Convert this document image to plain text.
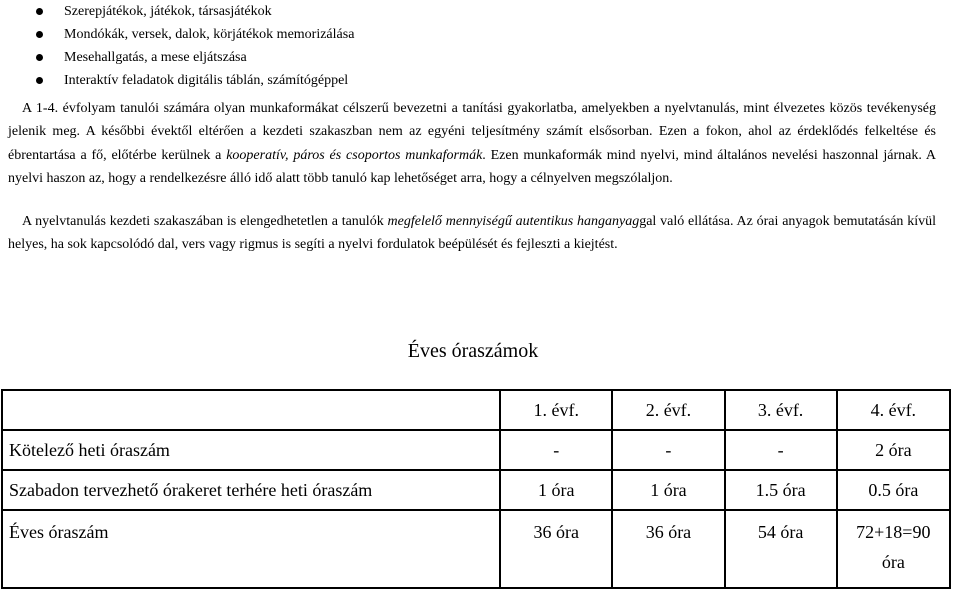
Szerepjátékok, játékok, társasjátékok
Mondókák, versek, dalok, körjátékok memorizálása
Mesehallgatás, a mese eljátszása
Interaktív feladatok digitális táblán, számítógéppel

A 1-4. évfolyam tanulói számára olyan munkaformákat célszerű bevezetni a tanítási gyakorlatba, amelyekben a nyelvtanulás, mint élvezetes közös tevékenység jelenik meg. A későbbi évektől eltérően a kezdeti szakaszban nem az egyéni teljesítmény számít elsősorban. Ezen a fokon, ahol az érdeklődés felkeltése és ébrentartása a fő, előtérbe kerülnek a kooperatív, páros és csoportos munkaformák. Ezen munkaformák mind nyelvi, mind általános nevelési haszonnal járnak. A nyelvi haszon az, hogy a rendelkezésre álló idő alatt több tanuló kap lehetőséget arra, hogy a célnyelven megszólaljon.

A nyelvtanulás kezdeti szakaszában is elengedhetetlen a tanulók megfelelő mennyiségű autentikus hanganyaggal való ellátása. Az órai anyagok bemutatásán kívül helyes, ha sok kapcsolódó dal, vers vagy rigmus is segíti a nyelvi fordulatok beépülését és fejleszti a kiejtést.

Éves óraszámok
	1. évf.	2. évf.	3. évf.	4. évf.
Kötelező heti óraszám	-	-	-	2 óra
Szabadon tervezhető órakeret terhére heti óraszám	1 óra	1 óra	1.5 óra	0.5 óra
Éves óraszám	36 óra	36 óra	54 óra	72+18=90 óra
